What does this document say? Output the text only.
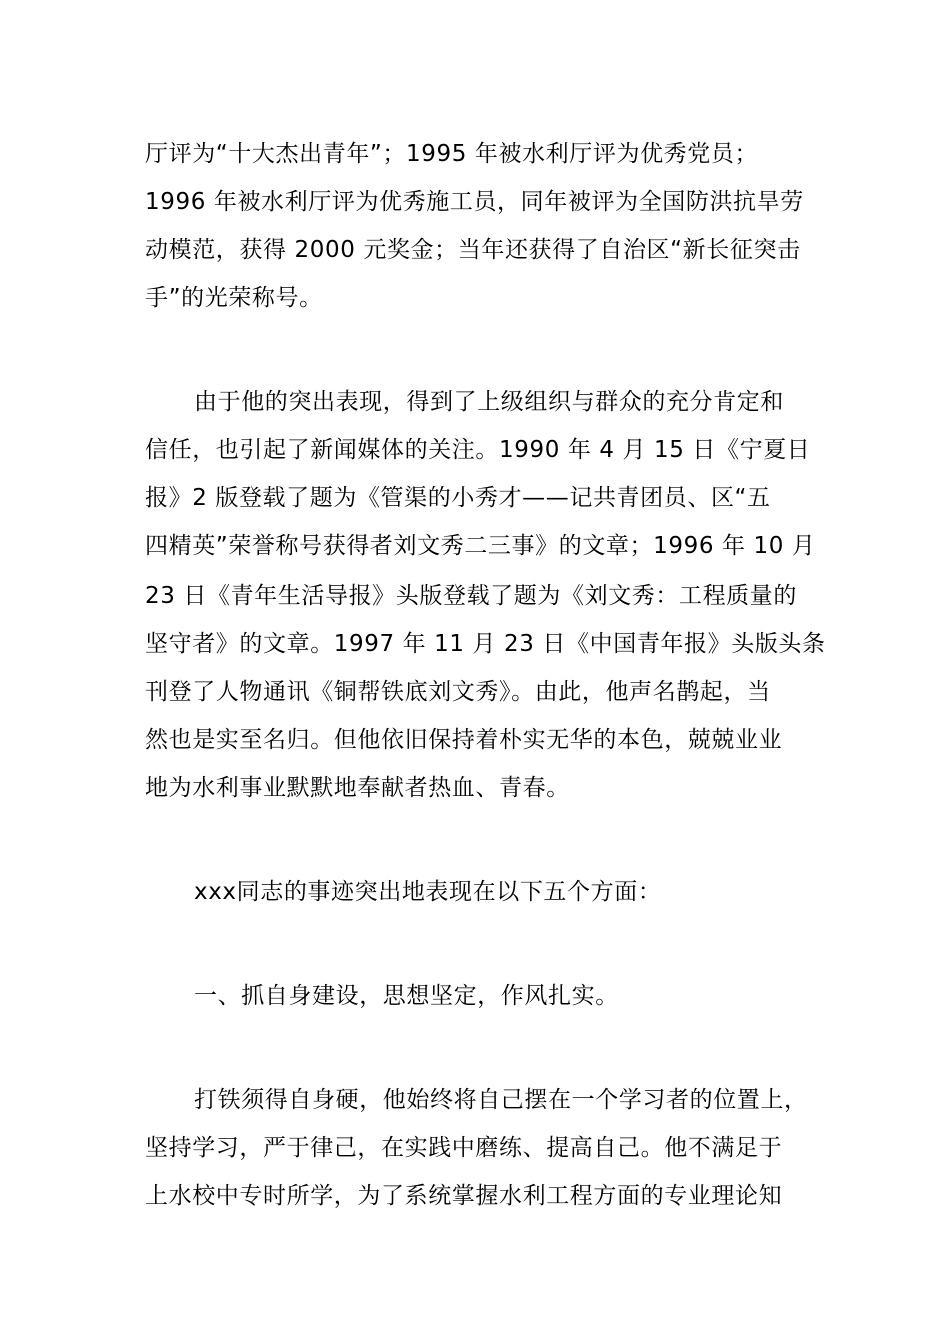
厅评为“十大杰出青年”；1995 年被水利厅评为优秀党员；
1996 年被水利厅评为优秀施工员，同年被评为全国防洪抗旱劳
动模范，获得 2000 元奖金；当年还获得了自治区“新长征突击
手”的光荣称号。
由于他的突出表现，得到了上级组织与群众的充分肯定和
信任，也引起了新闻媒体的关注。1990 年 4 月 15 日《宁夏日
报》2 版登载了题为《管渠的小秀才——记共青团员、区“五
四精英”荣誉称号获得者刘文秀二三事》的文章；1996 年 10 月
23 日《青年生活导报》头版登载了题为《刘文秀：工程质量的
坚守者》的文章。1997 年 11 月 23 日《中国青年报》头版头条
刊登了人物通讯《铜帮铁底刘文秀》。由此，他声名鹊起，当
然也是实至名归。但他依旧保持着朴实无华的本色，兢兢业业
地为水利事业默默地奉献者热血、青春。
xxx同志的事迹突出地表现在以下五个方面：
一、抓自身建设，思想坚定，作风扎实。
打铁须得自身硬，他始终将自己摆在一个学习者的位置上，
坚持学习，严于律己，在实践中磨练、提高自己。他不满足于
上水校中专时所学，为了系统掌握水利工程方面的专业理论知
